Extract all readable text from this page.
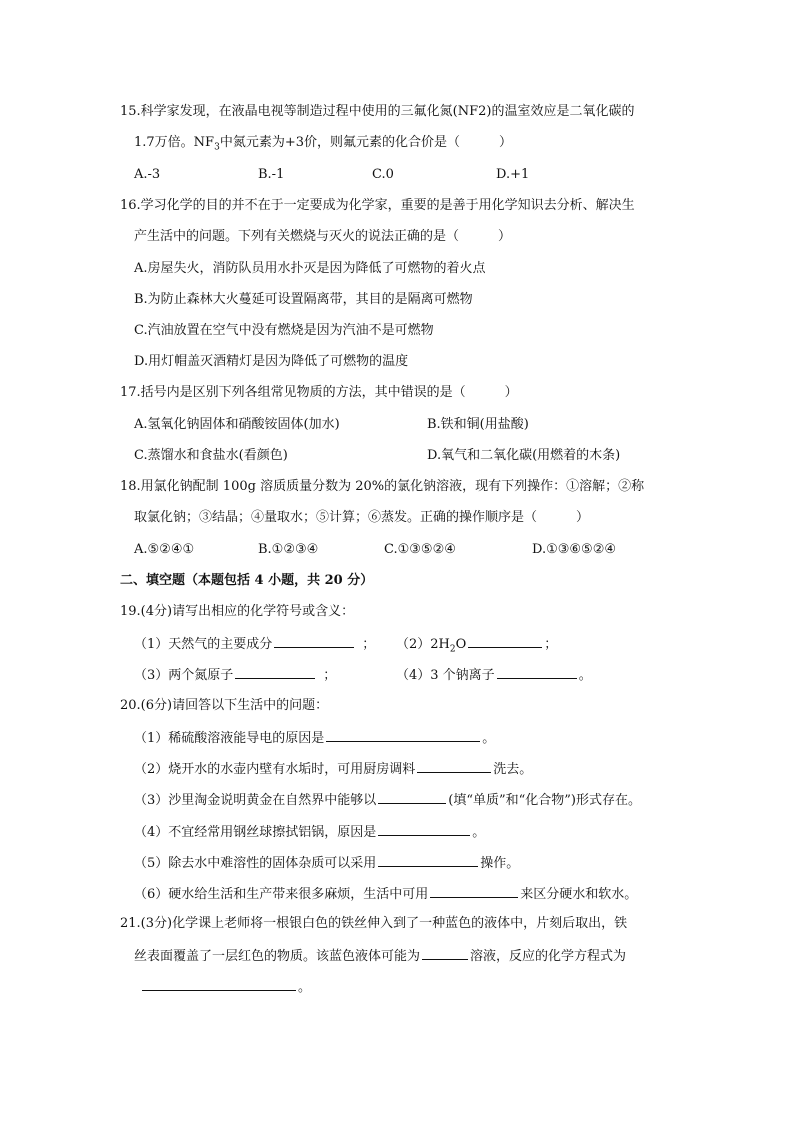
15.科学家发现，在液晶电视等制造过程中使用的三氟化氮(NF2)的温室效应是二氧化碳的
1.7万倍。$NF_3$中氮元素为+3价，则氟元素的化合价是（　　　）
A.-3	B.-1	C.0	D.+1
16.学习化学的目的并不在于一定要成为化学家，重要的是善于用化学知识去分析、解决生
产生活中的问题。下列有关燃烧与灭火的说法正确的是（　　　）
A.房屋失火，消防队员用水扑灭是因为降低了可燃物的着火点
B.为防止森林大火蔓延可设置隔离带，其目的是隔离可燃物
C.汽油放置在空气中没有燃烧是因为汽油不是可燃物
D.用灯帽盖灭酒精灯是因为降低了可燃物的温度
17.括号内是区别下列各组常见物质的方法，其中错误的是（　　　）
A.氢氧化钠固体和硝酸铵固体(加水)	B.铁和铜(用盐酸)
C.蒸馏水和食盐水(看颜色)	D.氧气和二氧化碳(用燃着的木条)
18.用氯化钠配制 100g 溶质质量分数为 20%的氯化钠溶液，现有下列操作：①溶解；②称
取氯化钠；③结晶；④量取水；⑤计算；⑥蒸发。正确的操作顺序是（　　　）
A.⑤②④①	B.①②③④	C.①③⑤②④	D.①③⑥⑤②④
二、填空题（本题包括 4 小题，共 20 分）
19.(4分)请写出相应的化学符号或含义：
（1）天然气的主要成分	； $(2)2H_2O$	；
（3）两个氮原子	；	（4）3 个钠离子	。
20.(6分)请回答以下生活中的问题：
（1）稀硫酸溶液能导电的原因是	。
（2）烧开水的水壶内壁有水垢时，可用厨房调料	洗去。
（3）沙里淘金说明黄金在自然界中能够以	(填“单质”和“化合物”)形式存在。
（4）不宜经常用钢丝球擦拭铝锅，原因是	。
（5）除去水中难溶性的固体杂质可以采用	操作。
（6）硬水给生活和生产带来很多麻烦，生活中可用	来区分硬水和软水。
21.(3分)化学课上老师将一根银白色的铁丝伸入到了一种蓝色的液体中，片刻后取出，铁
丝表面覆盖了一层红色的物质。该蓝色液体可能为	溶液，反应的化学方程式为
。
